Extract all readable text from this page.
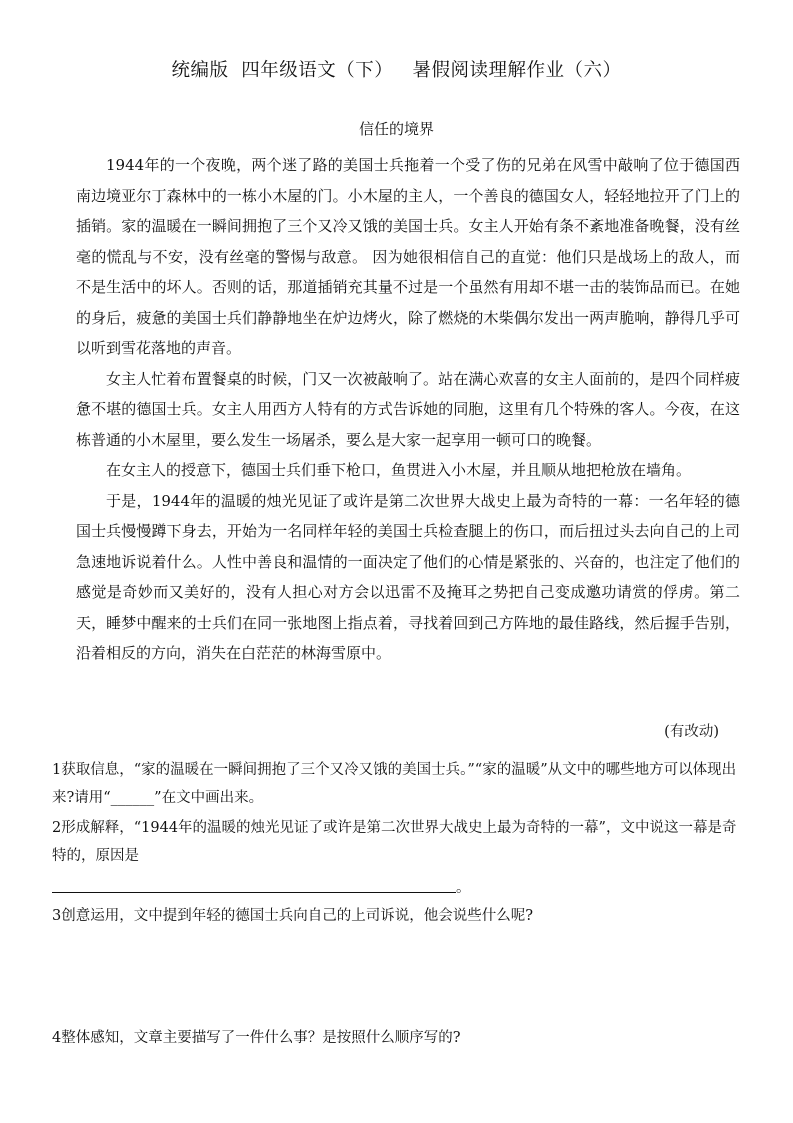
统编版  四年级语文（下）   暑假阅读理解作业（六）
信任的境界

1944年的一个夜晚，两个迷了路的美国士兵拖着一个受了伤的兄弟在风雪中敲响了位于德国西南边境亚尔丁森林中的一栋小木屋的门。小木屋的主人，一个善良的德国女人，轻轻地拉开了门上的插销。家的温暖在一瞬间拥抱了三个又冷又饿的美国士兵。女主人开始有条不紊地准备晚餐，没有丝毫的慌乱与不安，没有丝毫的警惕与敌意。 因为她很相信自己的直觉：他们只是战场上的敌人，而不是生活中的坏人。否则的话，那道插销充其量不过是一个虽然有用却不堪一击的装饰品而已。在她的身后，疲惫的美国士兵们静静地坐在炉边烤火，除了燃烧的木柴偶尔发出一两声脆响，静得几乎可以听到雪花落地的声音。

女主人忙着布置餐桌的时候，门又一次被敲响了。站在满心欢喜的女主人面前的，是四个同样疲惫不堪的德国士兵。女主人用西方人特有的方式告诉她的同胞，这里有几个特殊的客人。今夜，在这栋普通的小木屋里，要么发生一场屠杀，要么是大家一起享用一顿可口的晚餐。

在女主人的授意下，德国士兵们垂下枪口，鱼贯进入小木屋，并且顺从地把枪放在墙角。

于是，1944年的温暖的烛光见证了或许是第二次世界大战史上最为奇特的一幕：一名年轻的德国士兵慢慢蹲下身去，开始为一名同样年轻的美国士兵检查腿上的伤口，而后扭过头去向自己的上司急速地诉说着什么。人性中善良和温情的一面决定了他们的心情是紧张的、兴奋的，也注定了他们的感觉是奇妙而又美好的，没有人担心对方会以迅雷不及掩耳之势把自己变成邀功请赏的俘虏。第二天，睡梦中醒来的士兵们在同一张地图上指点着，寻找着回到己方阵地的最佳路线，然后握手告别，沿着相反的方向，消失在白茫茫的林海雪原中。

(有改动)

1获取信息，“家的温暖在一瞬间拥抱了三个又冷又饿的美国士兵。”“家的温暖”从文中的哪些地方可以体现出来?请用“______”在文中画出来。

2形成解释，“1944年的温暖的烛光见证了或许是第二次世界大战史上最为奇特的一幕”，文中说这一幕是奇特的，原因是

。

3创意运用，文中提到年轻的德国士兵向自己的上司诉说，他会说些什么呢?

4整体感知，文章主要描写了一件什么事？是按照什么顺序写的?
